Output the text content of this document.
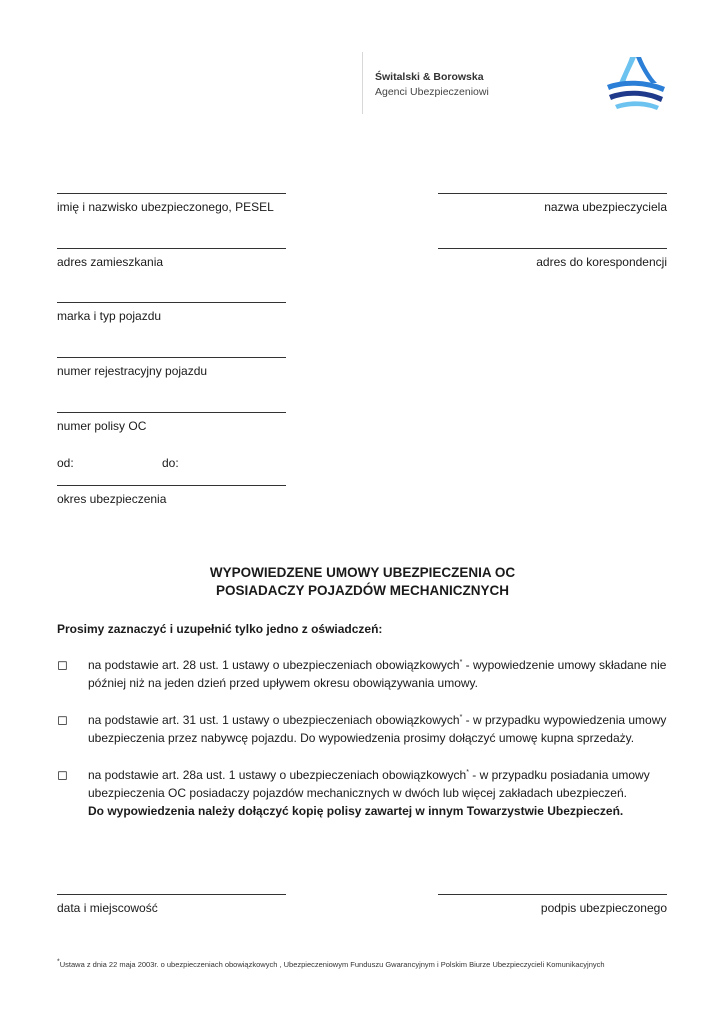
Świtalski & Borowska
Agenci Ubezpieczeniowi
imię i nazwisko ubezpieczonego, PESEL	nazwa ubezpieczyciela
adres zamieszkania	adres do korespondencji
marka i typ pojazdu
numer rejestracyjny pojazdu
numer polisy OC
od:	do:
okres ubezpieczenia
WYPOWIEDZENE UMOWY UBEZPIECZENIA OC
POSIADACZY POJAZDÓW MECHANICZNYCH
Prosimy zaznaczyć i uzupełnić tylko jedno z oświadczeń:
◻ na podstawie art. 28 ust. 1 ustawy o ubezpieczeniach obowiązkowych* - wypowiedzenie umowy składane nie później niż na jeden dzień przed upływem okresu obowiązywania umowy.
◻ na podstawie art. 31 ust. 1 ustawy o ubezpieczeniach obowiązkowych* - w przypadku wypowiedzenia umowy ubezpieczenia przez nabywcę pojazdu. Do wypowiedzenia prosimy dołączyć umowę kupna sprzedaży.
◻ na podstawie art. 28a ust. 1 ustawy o ubezpieczeniach obowiązkowych* - w przypadku posiadania umowy ubezpieczenia OC posiadaczy pojazdów mechanicznych w dwóch lub więcej zakładach ubezpieczeń.
Do wypowiedzenia należy dołączyć kopię polisy zawartej w innym Towarzystwie Ubezpieczeń.
data i miejscowość	podpis ubezpieczonego
*Ustawa z dnia 22 maja 2003r. o ubezpieczeniach obowiązkowych , Ubezpieczeniowym Funduszu Gwarancyjnym i Polskim Biurze Ubezpieczycieli Komunikacyjnych
